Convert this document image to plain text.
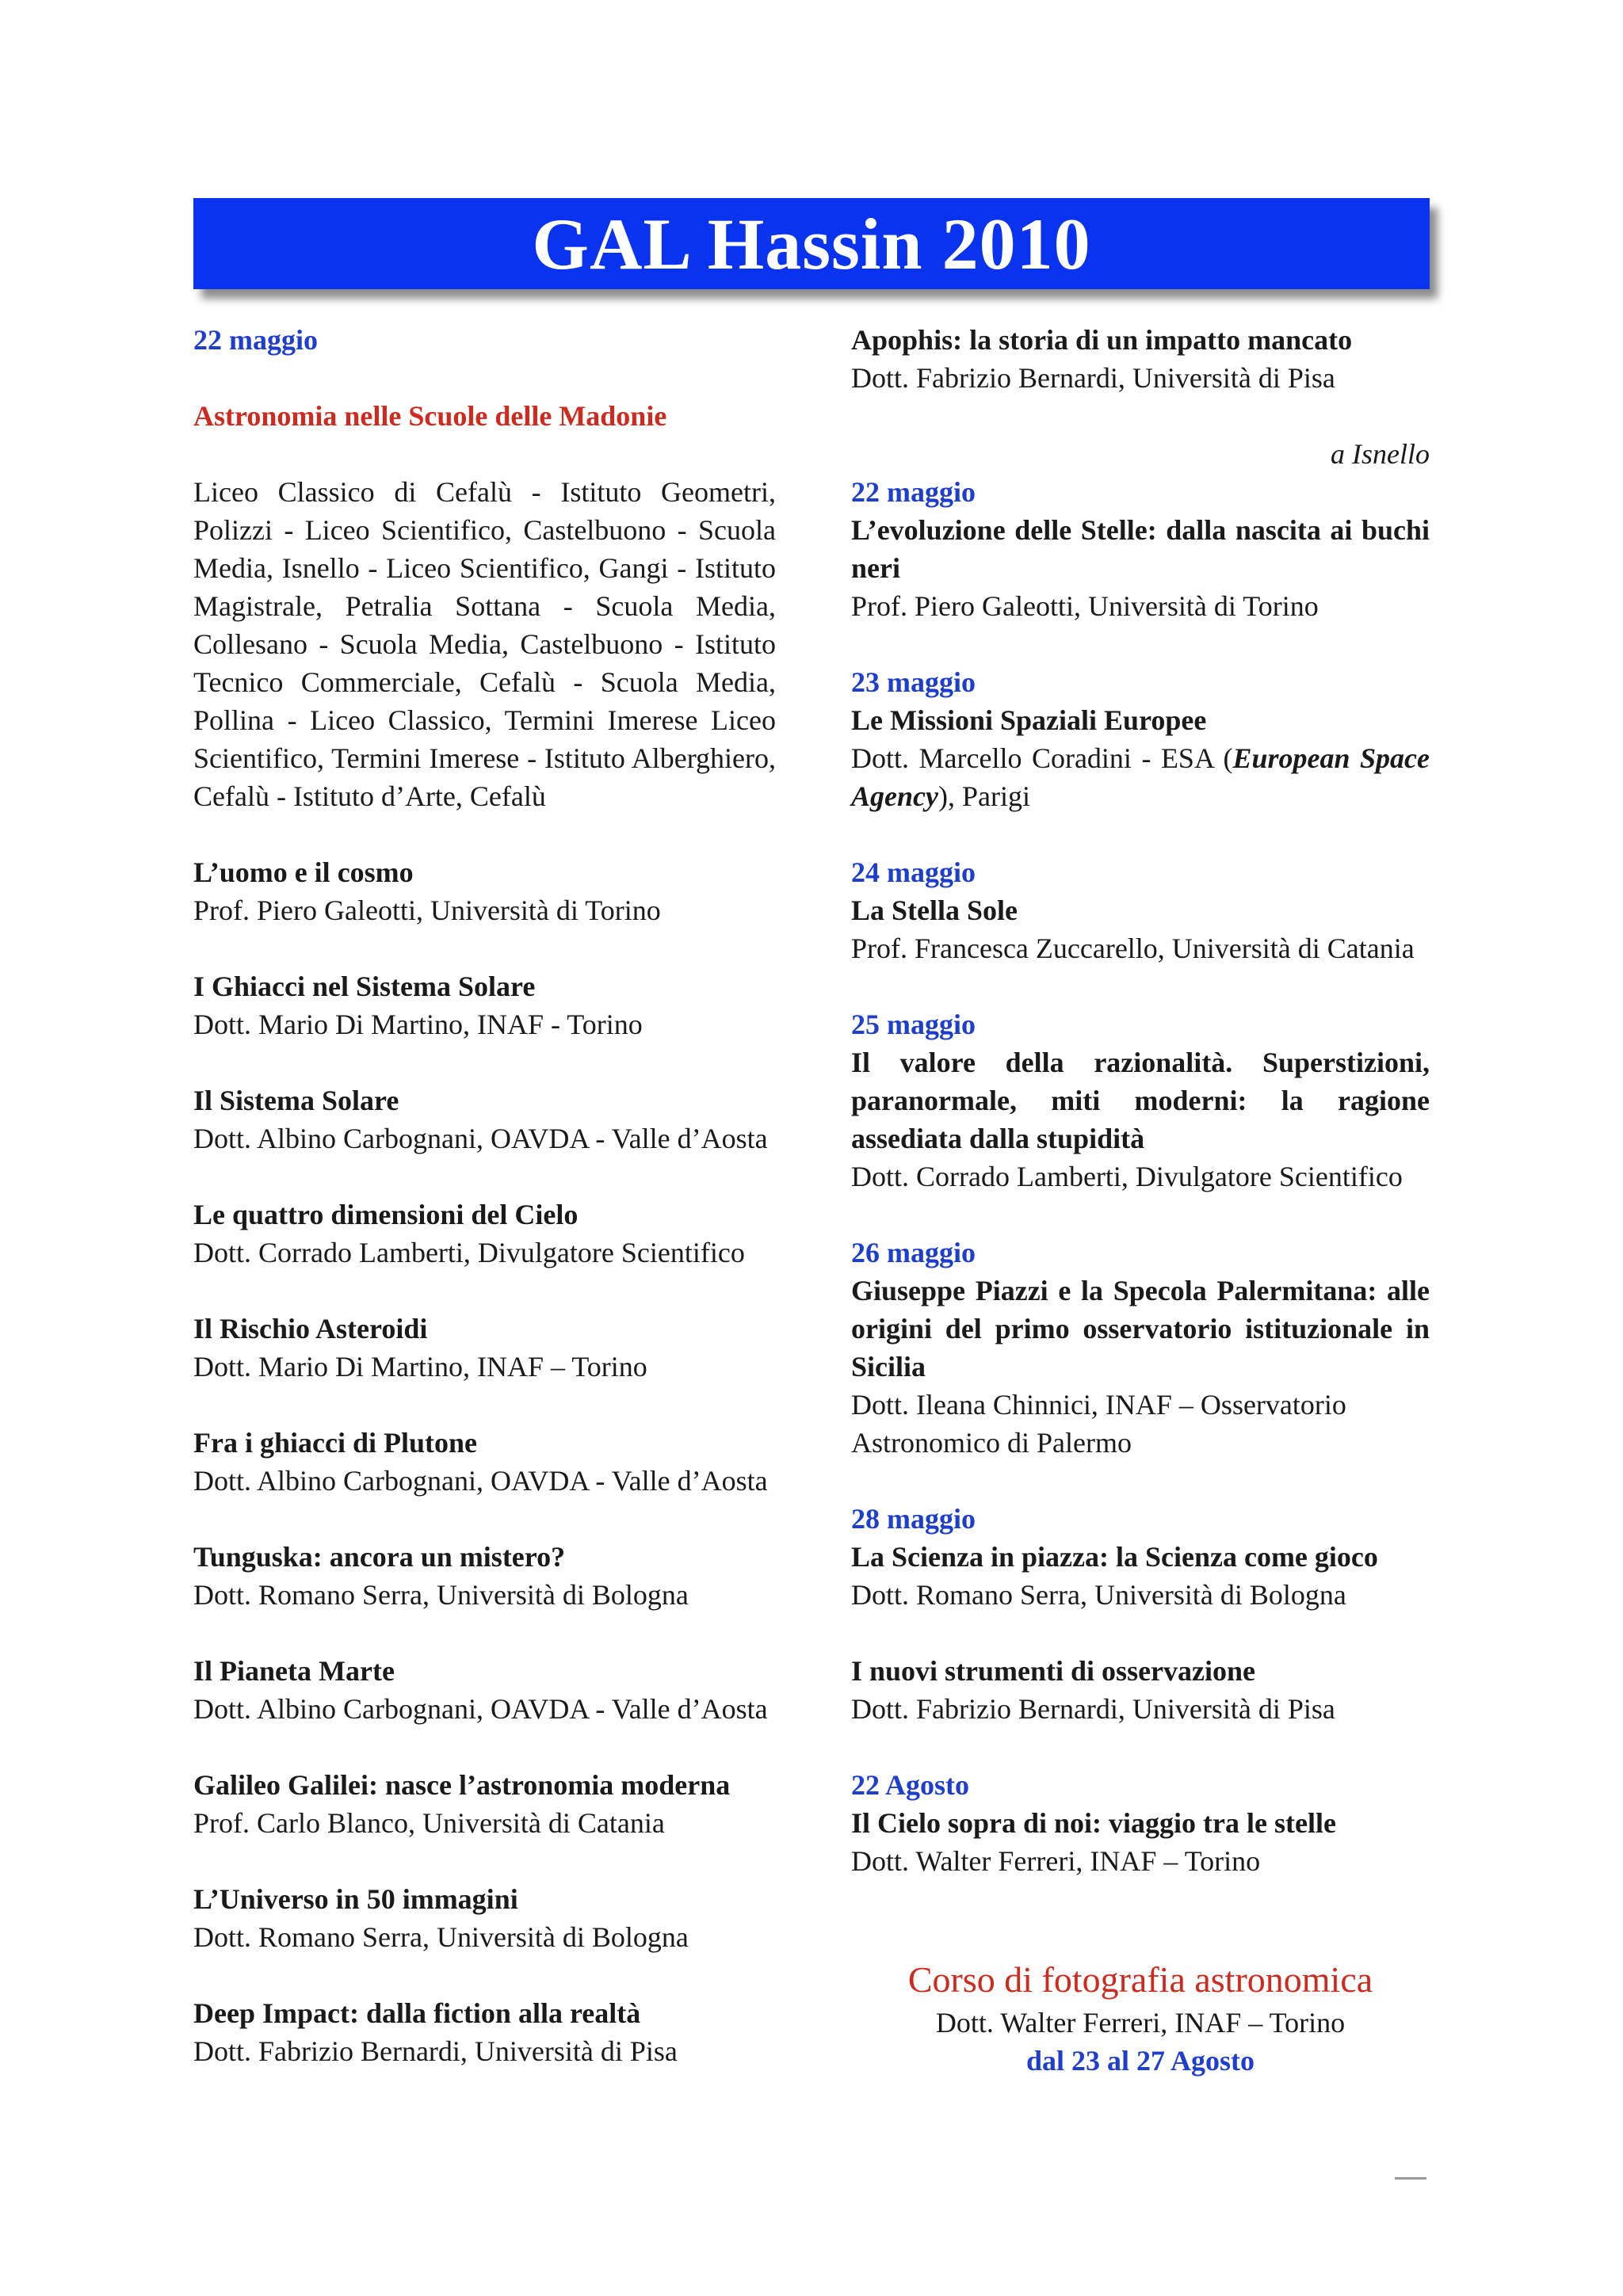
GAL Hassin 2010

22 maggio

Astronomia nelle Scuole delle Madonie

Liceo Classico di Cefalù - Istituto Geometri, Polizzi - Liceo Scientifico, Castelbuono - Scuola Media, Isnello - Liceo Scientifico, Gangi - Istituto Magistrale, Petralia Sottana - Scuola Media, Collesano - Scuola Media, Castelbuono - Istituto Tecnico Commerciale, Cefalù - Scuola Media, Pollina - Liceo Classico, Termini Imerese Liceo Scientifico, Termini Imerese - Istituto Alberghiero, Cefalù - Istituto d’Arte, Cefalù

L’uomo e il cosmo

Prof. Piero Galeotti, Università di Torino

I Ghiacci nel Sistema Solare

Dott. Mario Di Martino, INAF - Torino

Il Sistema Solare

Dott. Albino Carbognani, OAVDA - Valle d’Aosta

Le quattro dimensioni del Cielo

Dott. Corrado Lamberti, Divulgatore Scientifico

Il Rischio Asteroidi

Dott. Mario Di Martino, INAF – Torino

Fra i ghiacci di Plutone

Dott. Albino Carbognani, OAVDA - Valle d’Aosta

Tunguska: ancora un mistero?

Dott. Romano Serra, Università di Bologna

Il Pianeta Marte

Dott. Albino Carbognani, OAVDA - Valle d’Aosta

Galileo Galilei: nasce l’astronomia moderna

Prof. Carlo Blanco, Università di Catania

L’Universo in 50 immagini

Dott. Romano Serra, Università di Bologna

Deep Impact: dalla fiction alla realtà

Dott. Fabrizio Bernardi, Università di Pisa

Apophis: la storia di un impatto mancato

Dott. Fabrizio Bernardi, Università di Pisa

a Isnello

22 maggio

L’evoluzione delle Stelle: dalla nascita ai buchi neri

Prof. Piero Galeotti, Università di Torino

23 maggio

Le Missioni Spaziali Europee

Dott. Marcello Coradini - ESA (European Space Agency), Parigi

24 maggio

La Stella Sole

Prof. Francesca Zuccarello, Università di Catania

25 maggio

Il valore della razionalità. Superstizioni, paranormale, miti moderni: la ragione assediata dalla stupidità

Dott. Corrado Lamberti, Divulgatore Scientifico

26 maggio

Giuseppe Piazzi e la Specola Palermitana: alle origini del primo osservatorio istituzionale in Sicilia

Dott. Ileana Chinnici, INAF – Osservatorio Astronomico di Palermo

28 maggio

La Scienza in piazza: la Scienza come gioco

Dott. Romano Serra, Università di Bologna

I nuovi strumenti di osservazione

Dott. Fabrizio Bernardi, Università di Pisa

22 Agosto

Il Cielo sopra di noi: viaggio tra le stelle

Dott. Walter Ferreri, INAF – Torino

Corso di fotografia astronomica

Dott. Walter Ferreri, INAF – Torino

dal 23 al 27 Agosto
